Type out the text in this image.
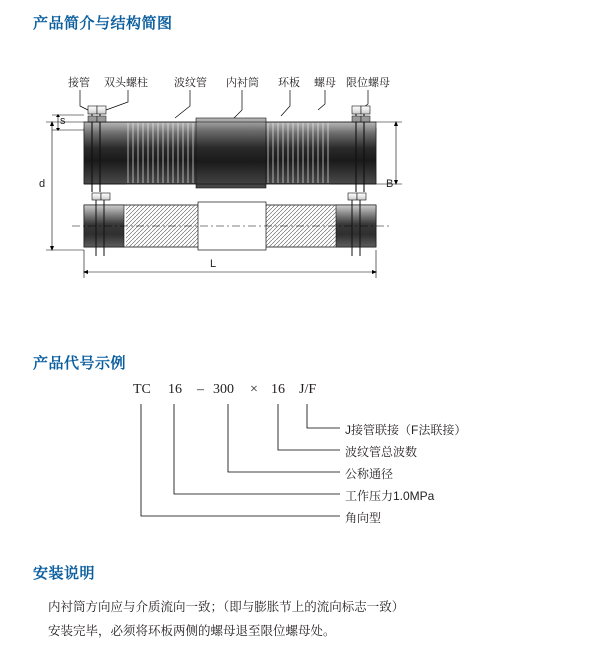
产品简介与结构简图
产品代号示例
安装说明
接管 双头螺柱 波纹管 内衬筒 环板 螺母 限位螺母
s
d	B
L
TC 16 – 300 × 16 J/F
J接管联接（F法联接）
波纹管总波数
公称通径
工作压力1.0MPa
角向型

内衬筒方向应与介质流向一致；（即与膨胀节上的流向标志一致）

安装完毕，必须将环板两侧的螺母退至限位螺母处。
